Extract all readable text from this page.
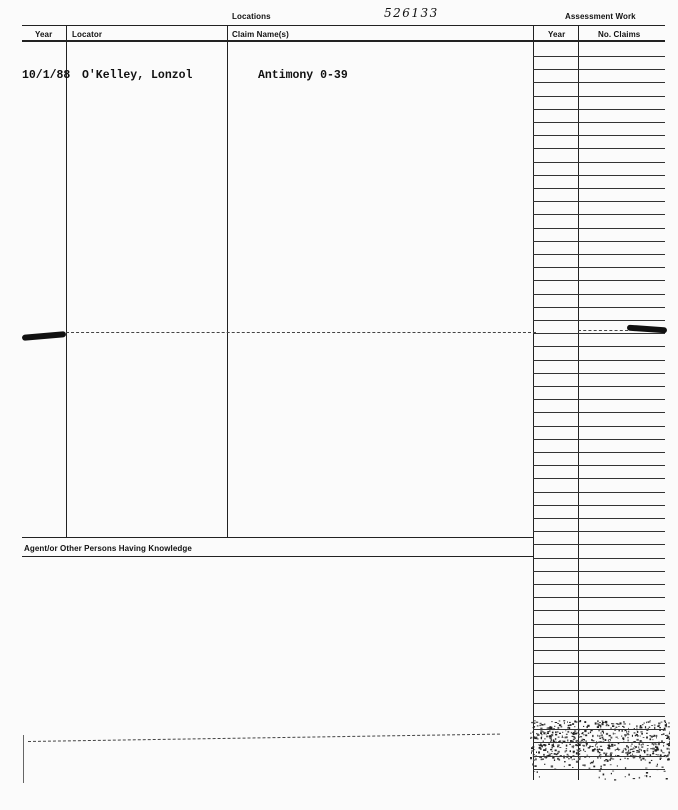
Locations	526133	Assessment Work
Year Locator	Claim Name(s)	Year	No. Claims
Agent/or Other Persons Having Knowledge
10/1/88 O'Kelley, Lonzol	Antimony 0-39
